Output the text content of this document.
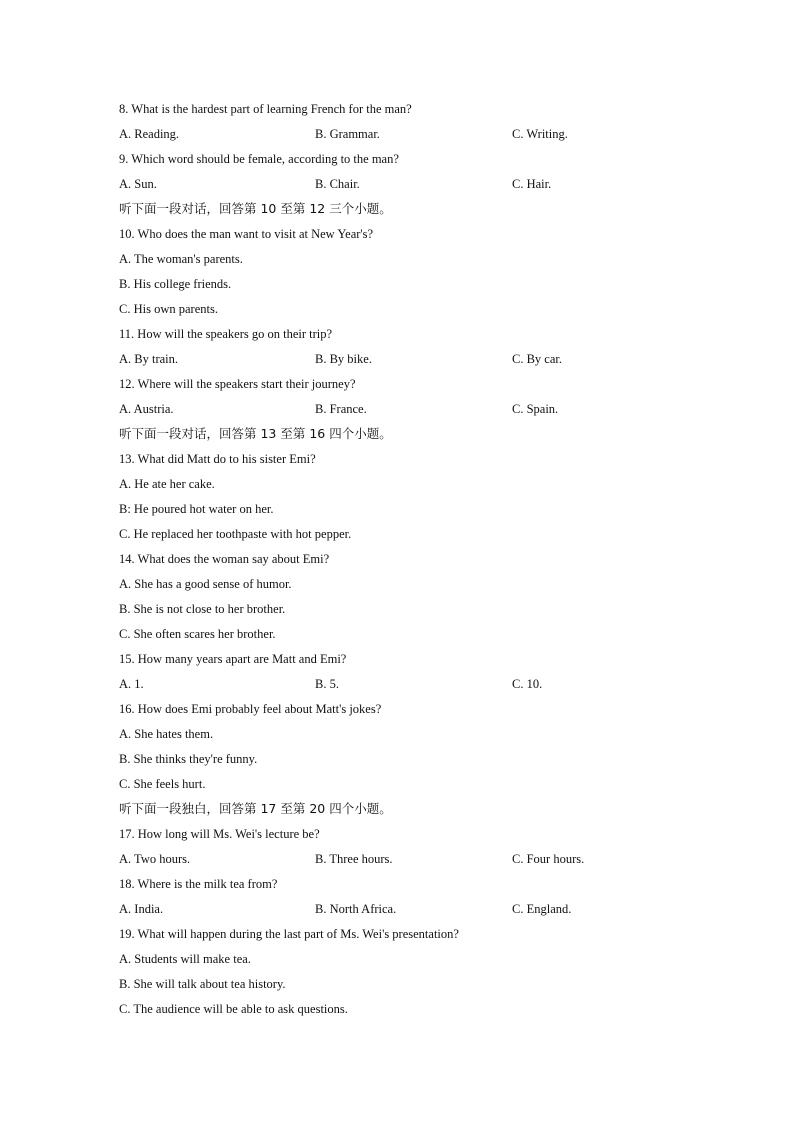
8. What is the hardest part of learning French for the man?
A. Reading.	B. Grammar.	C. Writing.
9. Which word should be female, according to the man?
A. Sun.	B. Chair.	C. Hair.
听下面一段对话，回答第 10 至第 12 三个小题。
10. Who does the man want to visit at New Year's?
A. The woman's parents.
B. His college friends.
C. His own parents.
11. How will the speakers go on their trip?
A. By train.	B. By bike.	C. By car.
12. Where will the speakers start their journey?
A. Austria.	B. France.	C. Spain.
听下面一段对话，回答第 13 至第 16 四个小题。
13. What did Matt do to his sister Emi?
A. He ate her cake.
B: He poured hot water on her.
C. He replaced her toothpaste with hot pepper.
14. What does the woman say about Emi?
A. She has a good sense of humor.
B. She is not close to her brother.
C. She often scares her brother.
15. How many years apart are Matt and Emi?
A. 1.	B. 5.	C. 10.
16. How does Emi probably feel about Matt's jokes?
A. She hates them.
B. She thinks they're funny.
C. She feels hurt.
听下面一段独白，回答第 17 至第 20 四个小题。
17. How long will Ms. Wei's lecture be?
A. Two hours.	B. Three hours.	C. Four hours.
18. Where is the milk tea from?
A. India.	B. North Africa.	C. England.
19. What will happen during the last part of Ms. Wei's presentation?
A. Students will make tea.
B. She will talk about tea history.
C. The audience will be able to ask questions.
